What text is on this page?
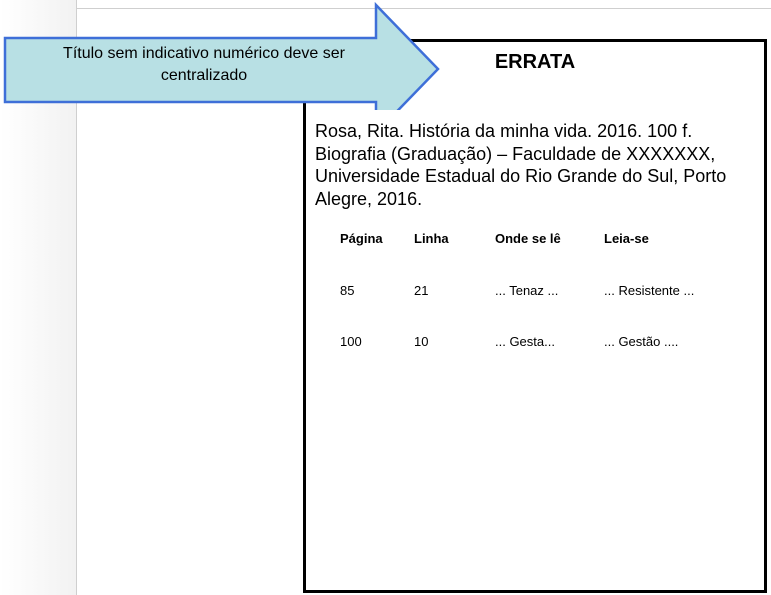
ERRATA
Rosa, Rita. História da minha vida. 2016. 100 f. Biografia (Graduação) – Faculdade de XXXXXXX, Universidade Estadual do Rio Grande do Sul, Porto Alegre, 2016.
Página	Linha	Onde se lê	Leia-se
85	21	... Tenaz ...	... Resistente ...
100	10	... Gesta...	... Gestão ....
Título sem indicativo numérico deve ser
centralizado
